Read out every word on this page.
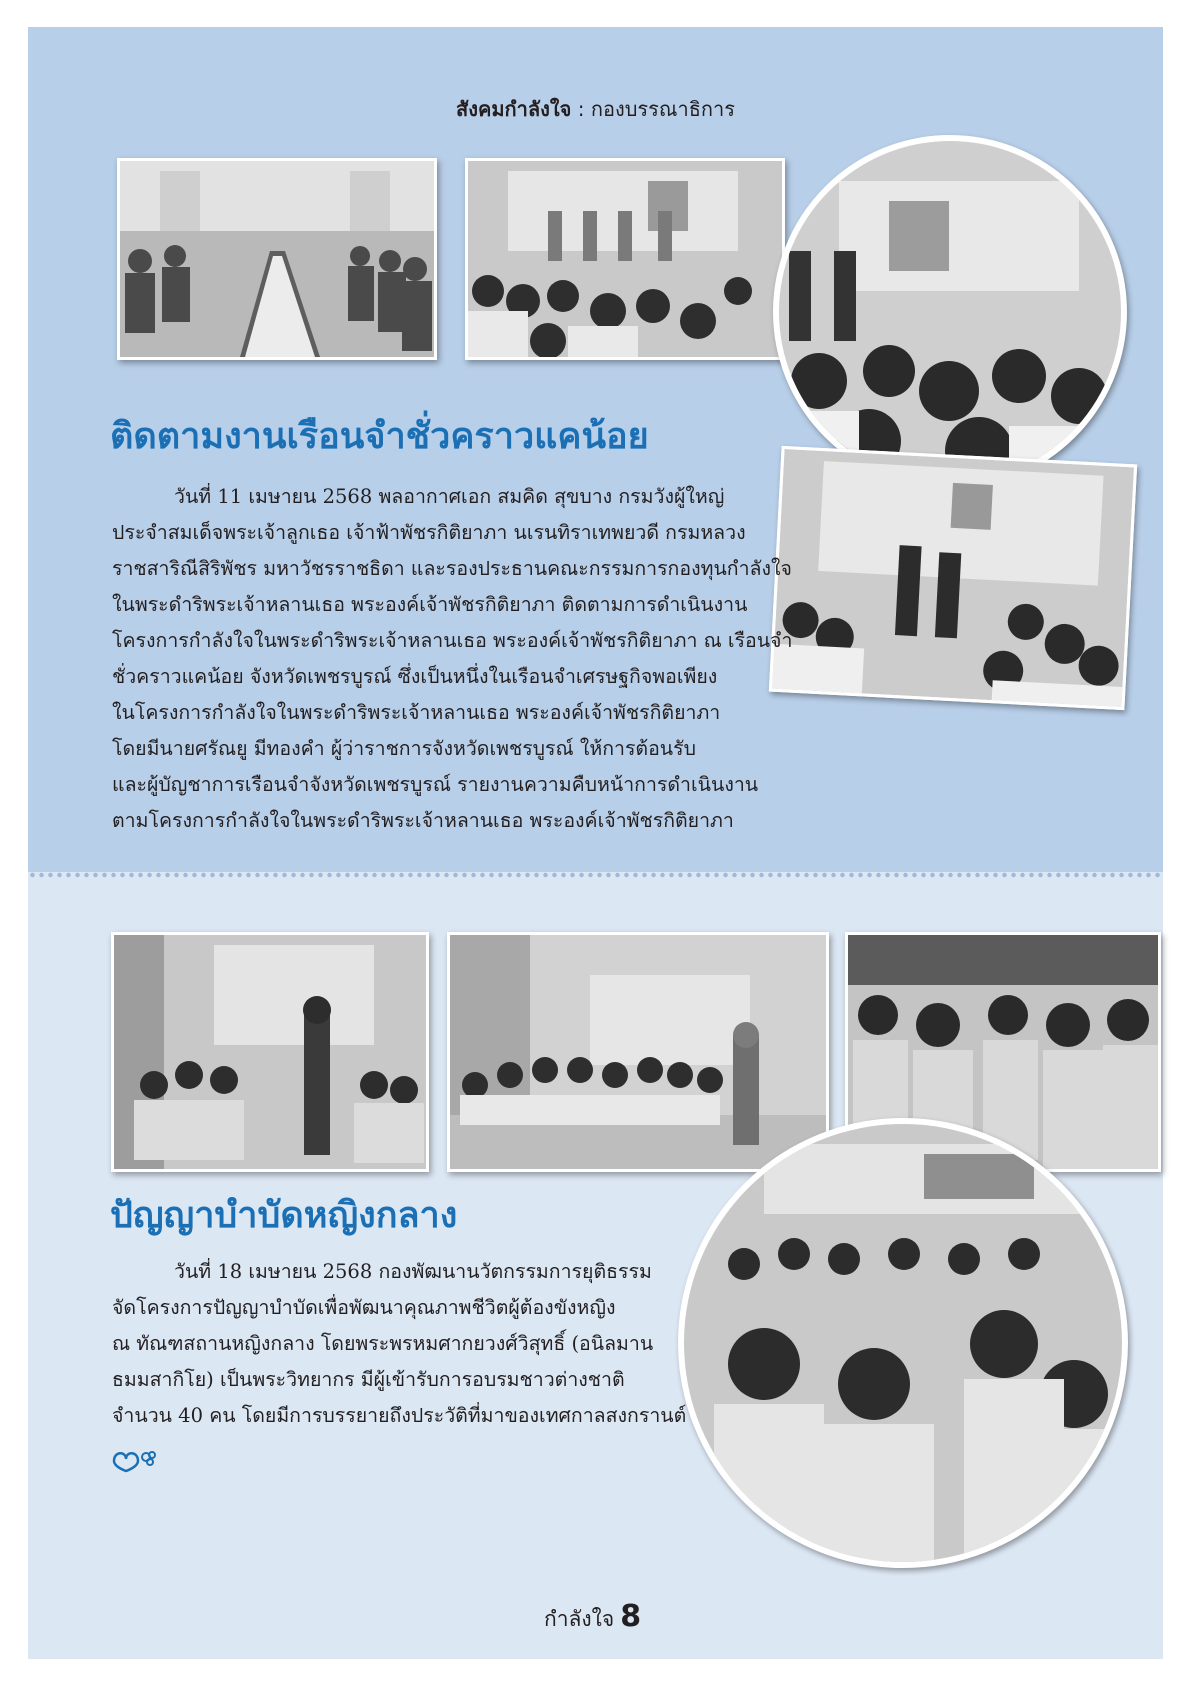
สังคมกำลังใจ : กองบรรณาธิการ
ติดตามงานเรือนจำชั่วคราวแคน้อย

วันที่ 11 เมษายน 2568 พลอากาศเอก สมคิด สุขบาง กรมวังผู้ใหญ่

ประจำสมเด็จพระเจ้าลูกเธอ เจ้าฟ้าพัชรกิติยาภา นเรนทิราเทพยวดี กรมหลวง

ราชสาริณีสิริพัชร มหาวัชรราชธิดา และรองประธานคณะกรรมการกองทุนกำลังใจ

ในพระดำริพระเจ้าหลานเธอ พระองค์เจ้าพัชรกิติยาภา ติดตามการดำเนินงาน

โครงการกำลังใจในพระดำริพระเจ้าหลานเธอ พระองค์เจ้าพัชรกิติยาภา ณ เรือนจำ

ชั่วคราวแคน้อย จังหวัดเพชรบูรณ์ ซึ่งเป็นหนึ่งในเรือนจำเศรษฐกิจพอเพียง

ในโครงการกำลังใจในพระดำริพระเจ้าหลานเธอ พระองค์เจ้าพัชรกิติยาภา

โดยมีนายศรัณยู มีทองคำ ผู้ว่าราชการจังหวัดเพชรบูรณ์ ให้การต้อนรับ

และผู้บัญชาการเรือนจำจังหวัดเพชรบูรณ์ รายงานความคืบหน้าการดำเนินงาน

ตามโครงการกำลังใจในพระดำริพระเจ้าหลานเธอ พระองค์เจ้าพัชรกิติยาภา

ปัญญาบำบัดหญิงกลาง

วันที่ 18 เมษายน 2568 กองพัฒนานวัตกรรมการยุติธรรม

จัดโครงการปัญญาบำบัดเพื่อพัฒนาคุณภาพชีวิตผู้ต้องขังหญิง

ณ ทัณฑสถานหญิงกลาง โดยพระพรหมศากยวงศ์วิสุทธิ์ (อนิลมาน

ธมมสากิโย) เป็นพระวิทยากร มีผู้เข้ารับการอบรมชาวต่างชาติ

จำนวน 40 คน โดยมีการบรรยายถึงประวัติที่มาของเทศกาลสงกรานต์

กำลังใจ 8
